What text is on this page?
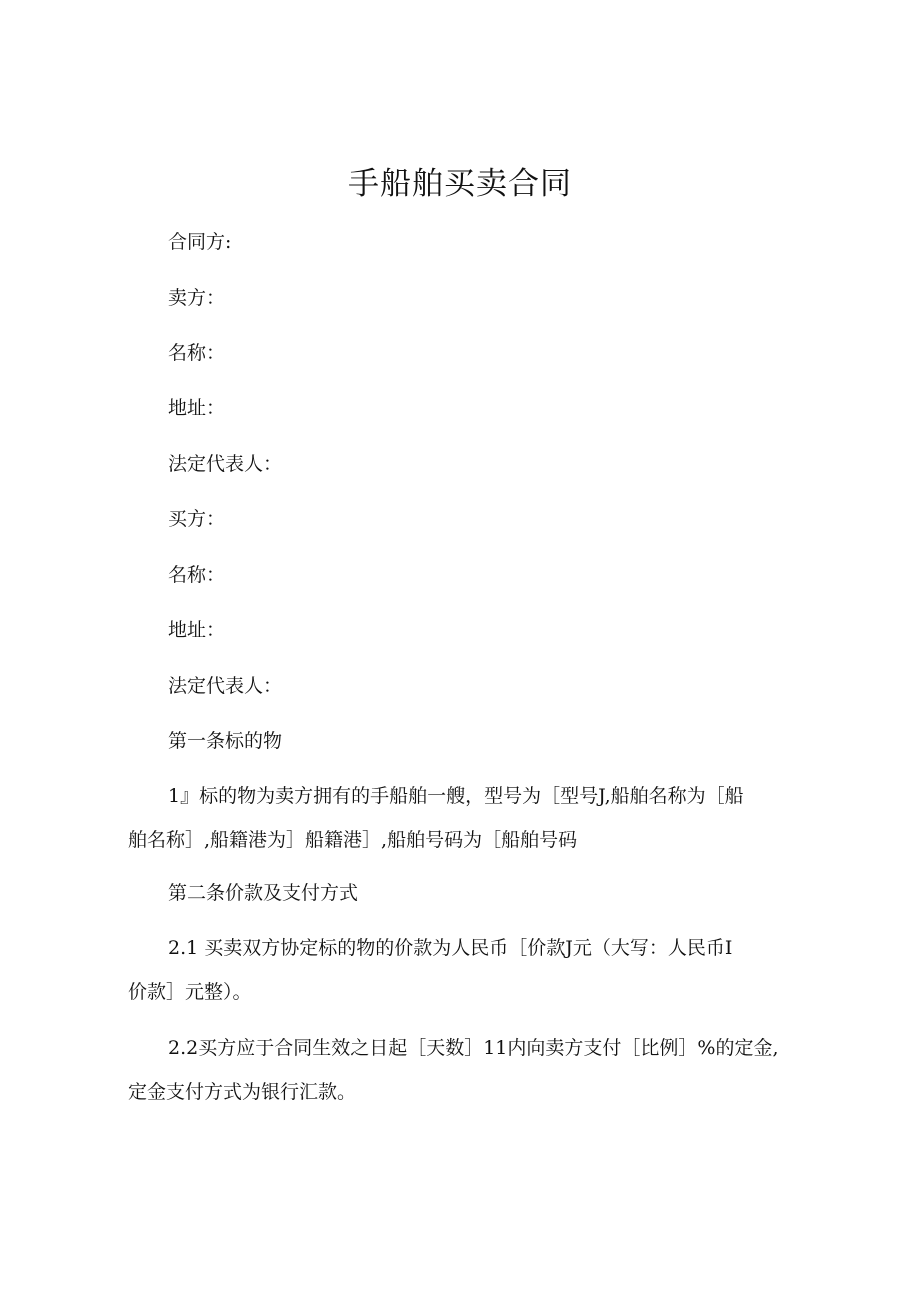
手船舶买卖合同
合同方:
卖方：
名称：
地址：
法定代表人：
买方：
名称：
地址：
法定代表人：
第一条标的物
1』标的物为卖方拥有的手船舶一艘，型号为［型号J,船舶名称为［船
舶名称］,船籍港为］船籍港］,船舶号码为［船舶号码
第二条价款及支付方式
2.1 买卖双方协定标的物的价款为人民币［价款J元（大写：人民币I
价款］元整）。
2.2买方应于合同生效之日起［天数］11内向卖方支付［比例］%的定金,
定金支付方式为银行汇款。
